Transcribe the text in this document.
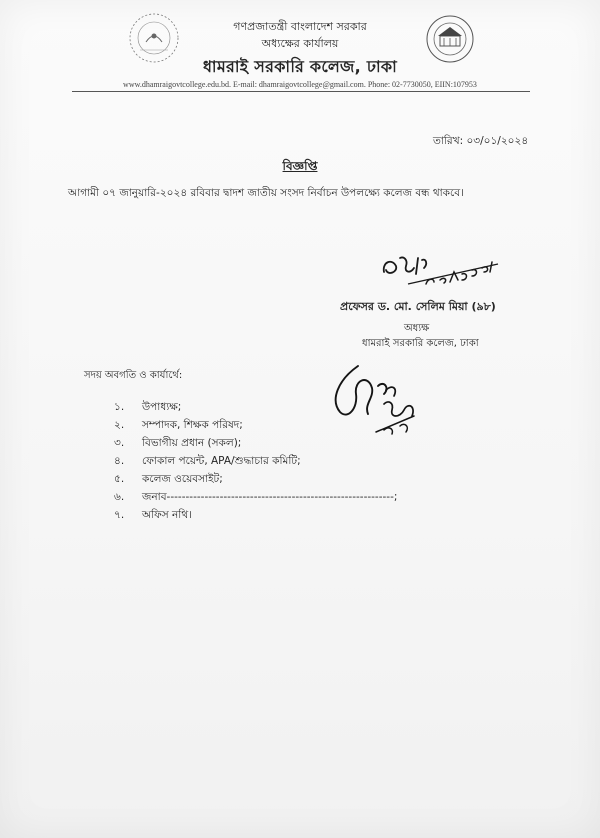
গণপ্রজাতন্ত্রী বাংলাদেশ সরকার
অধ্যক্ষের কার্যালয়
ধামরাই সরকারি কলেজ, ঢাকা
www.dhamraigovtcollege.edu.bd. E-mail: dhamraigovtcollege@gmail.com. Phone: 02-7730050, EIIN:107953
তারিখ: ০৩/০১/২০২৪
বিজ্ঞপ্তি
আগামী ০৭ জানুয়ারি-২০২৪ রবিবার দ্বাদশ জাতীয় সংসদ নির্বাচন উপলক্ষ্যে কলেজ বন্ধ থাকবে।
প্রফেসর ড. মো. সেলিম মিয়া (৯৮)
অধ্যক্ষ
ধামরাই সরকারি কলেজ, ঢাকা
সদয় অবগতি ও কার্যার্থে:
১. উপাধ্যক্ষ;
২. সম্পাদক, শিক্ষক পরিষদ;
৩. বিভাগীয় প্রধান (সকল);
৪. ফোকাল পয়েন্ট, APA/শুদ্ধাচার কমিটি;
৫. কলেজ ওয়েবসাইট;
৬. জনাব------------------------------------------------------------;
৭. অফিস নথি।
